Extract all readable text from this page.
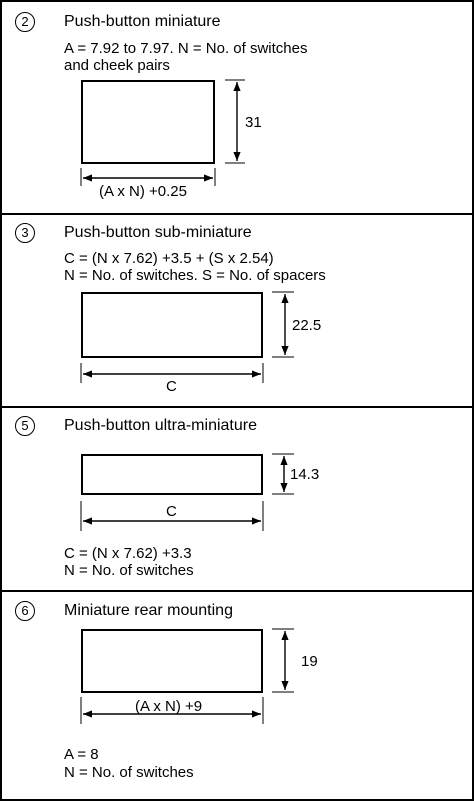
2	Push-button miniature
A = 7.92 to 7.97. N = No. of switches
and cheek pairs
31
(A x N) +0.25
3	Push-button sub-miniature
C = (N x 7.62) +3.5 + (S x 2.54)
N = No. of switches. S = No. of spacers
22.5
C
5	Push-button ultra-miniature
14.3
C
C = (N x 7.62) +3.3
N = No. of switches
6	Miniature rear mounting
19
(A x N) +9
A = 8
N = No. of switches
